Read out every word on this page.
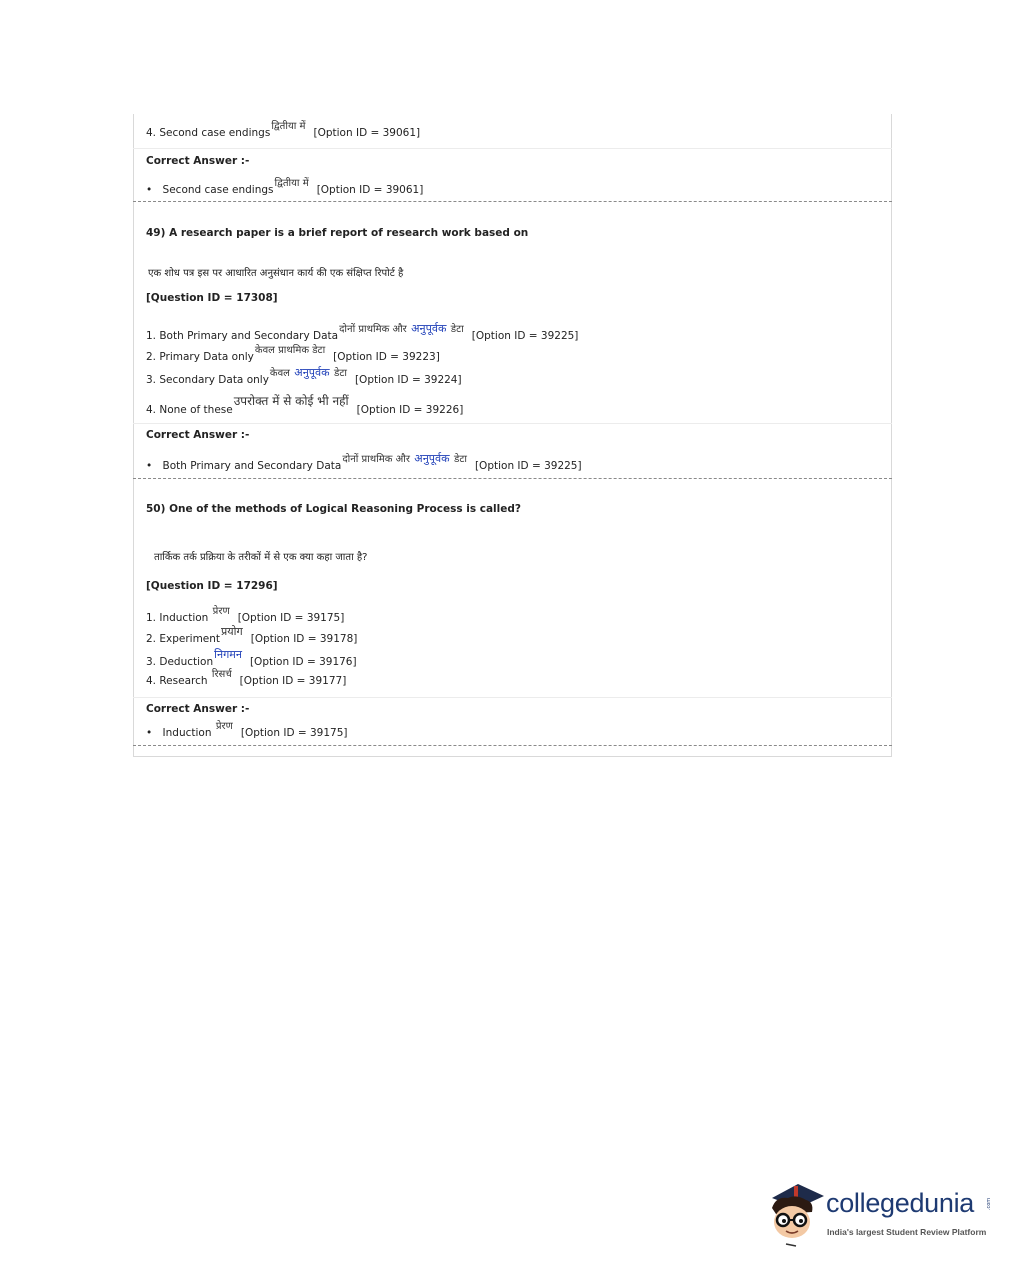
4. Second case endingsद्वितीया में[Option ID = 39061]
Correct Answer :-
• Second case endingsद्वितीया में[Option ID = 39061]
49) A research paper is a brief report of research work based on
एक शोध पत्र इस पर आधारित अनुसंधान कार्य की एक संक्षिप्त रिपोर्ट है
[Question ID = 17308]
1. Both Primary and Secondary Dataदोनों प्राथमिक और अनुपूर्वक डेटा[Option ID = 39225]
2. Primary Data onlyकेवल प्राथमिक डेटा[Option ID = 39223]
3. Secondary Data onlyकेवल अनुपूर्वक डेटा[Option ID = 39224]
4. None of theseउपरोक्त में से कोई भी नहीं[Option ID = 39226]
Correct Answer :-
• Both Primary and Secondary Dataदोनों प्राथमिक और अनुपूर्वक डेटा[Option ID = 39225]
50) One of the methods of Logical Reasoning Process is called?
तार्किक तर्क प्रक्रिया के तरीकों में से एक क्या कहा जाता है?
[Question ID = 17296]
1. Induction प्रेरण[Option ID = 39175]
2. Experimentप्रयोग[Option ID = 39178]
3. Deductionनिगमन[Option ID = 39176]
4. Research रिसर्च[Option ID = 39177]
Correct Answer :-
• Induction प्रेरण[Option ID = 39175]
collegedunia .com
India's largest Student Review Platform
